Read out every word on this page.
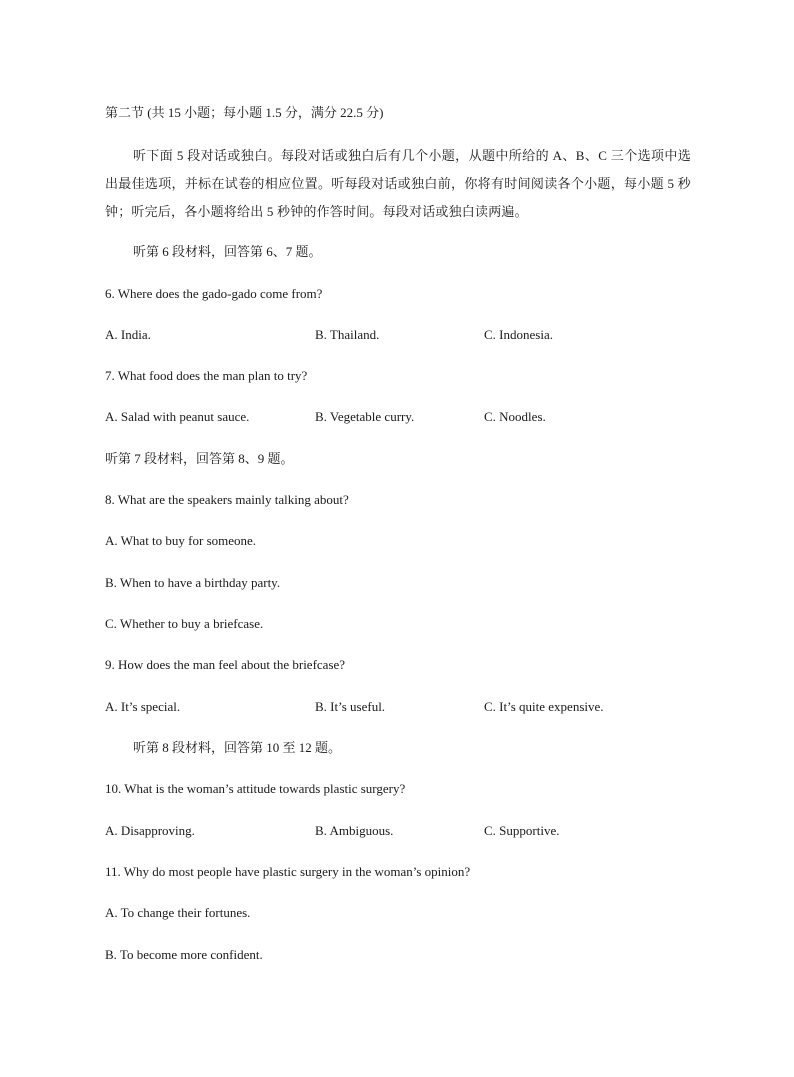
第二节 (共 15 小题；每小题 1.5 分，满分 22.5 分)
听下面 5 段对话或独白。每段对话或独白后有几个小题，从题中所给的 A、B、C 三个选项中选出最佳选项，并标在试卷的相应位置。听每段对话或独白前，你将有时间阅读各个小题，每小题 5 秒钟；听完后，各小题将给出 5 秒钟的作答时间。每段对话或独白读两遍。
听第 6 段材料，回答第 6、7 题。
6. Where does the gado-gado come from?
A. India.	B. Thailand.	C. Indonesia.
7. What food does the man plan to try?
A. Salad with peanut sauce.	B. Vegetable curry.	C. Noodles.
听第 7 段材料，回答第 8、9 题。
8. What are the speakers mainly talking about?
A. What to buy for someone.
B. When to have a birthday party.
C. Whether to buy a briefcase.
9. How does the man feel about the briefcase?
A. It’s special.	B. It’s useful.	C. It’s quite expensive.
听第 8 段材料，回答第 10 至 12 题。
10. What is the woman’s attitude towards plastic surgery?
A. Disapproving.	B. Ambiguous.	C. Supportive.
11. Why do most people have plastic surgery in the woman’s opinion?
A. To change their fortunes.
B. To become more confident.
